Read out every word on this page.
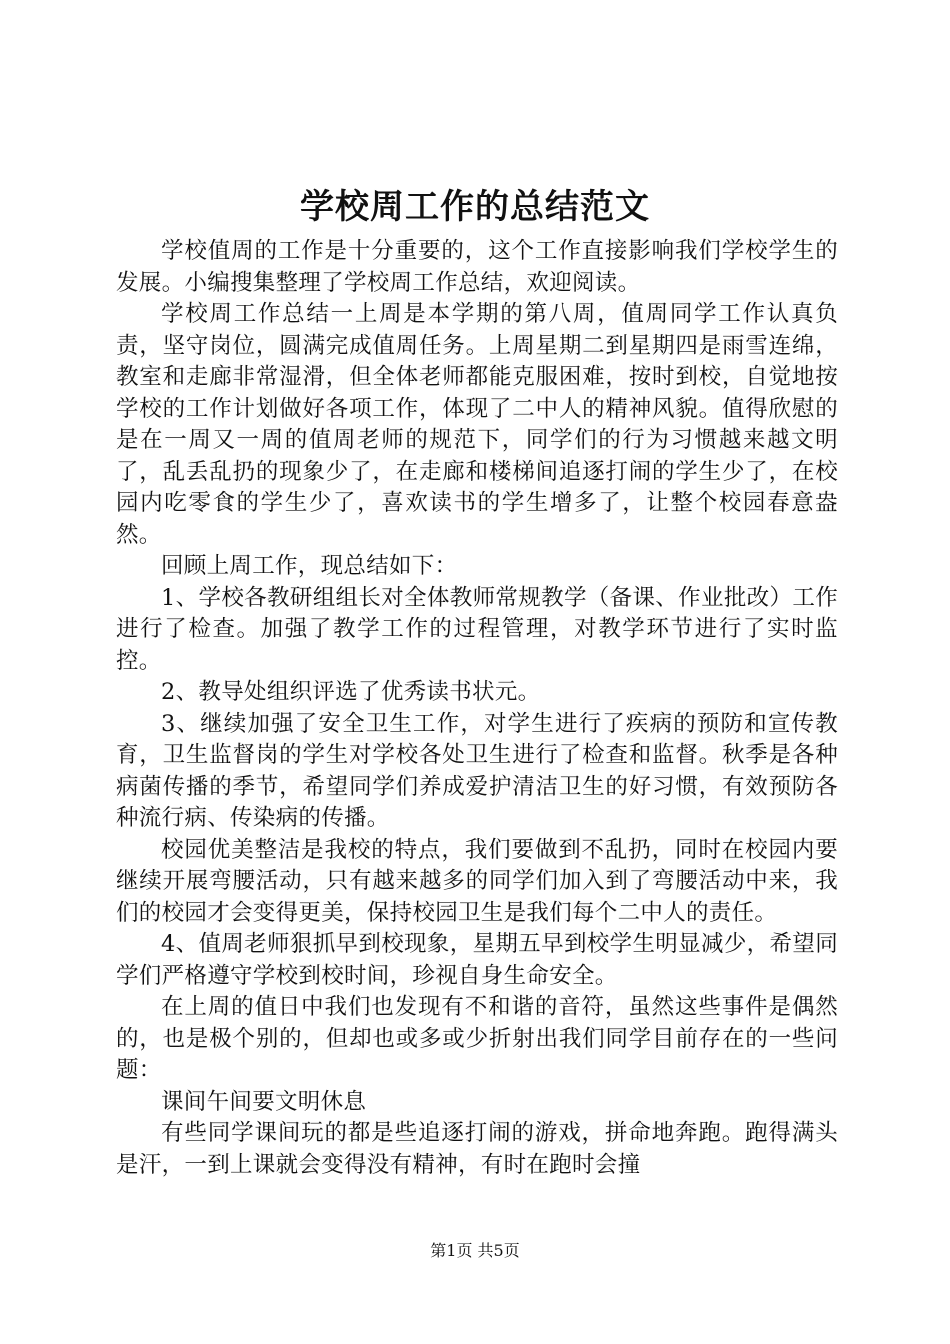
学校周工作的总结范文

学校值周的工作是十分重要的，这个工作直接影响我们学校学生的发展。小编搜集整理了学校周工作总结，欢迎阅读。

学校周工作总结一上周是本学期的第八周，值周同学工作认真负责，坚守岗位，圆满完成值周任务。上周星期二到星期四是雨雪连绵，教室和走廊非常湿滑，但全体老师都能克服困难，按时到校，自觉地按学校的工作计划做好各项工作，体现了二中人的精神风貌。值得欣慰的是在一周又一周的值周老师的规范下，同学们的行为习惯越来越文明了，乱丢乱扔的现象少了，在走廊和楼梯间追逐打闹的学生少了，在校园内吃零食的学生少了，喜欢读书的学生增多了，让整个校园春意盎然。

回顾上周工作，现总结如下：

1、学校各教研组组长对全体教师常规教学（备课、作业批改）工作进行了检查。加强了教学工作的过程管理，对教学环节进行了实时监控。

2、教导处组织评选了优秀读书状元。

3、继续加强了安全卫生工作，对学生进行了疾病的预防和宣传教育，卫生监督岗的学生对学校各处卫生进行了检查和监督。秋季是各种病菌传播的季节，希望同学们养成爱护清洁卫生的好习惯，有效预防各种流行病、传染病的传播。

校园优美整洁是我校的特点，我们要做到不乱扔，同时在校园内要继续开展弯腰活动，只有越来越多的同学们加入到了弯腰活动中来，我们的校园才会变得更美，保持校园卫生是我们每个二中人的责任。

4、值周老师狠抓早到校现象，星期五早到校学生明显减少，希望同学们严格遵守学校到校时间，珍视自身生命安全。

在上周的值日中我们也发现有不和谐的音符，虽然这些事件是偶然的，也是极个别的，但却也或多或少折射出我们同学目前存在的一些问题：

课间午间要文明休息

有些同学课间玩的都是些追逐打闹的游戏，拼命地奔跑。跑得满头是汗，一到上课就会变得没有精神，有时在跑时会撞

第1页 共5页
